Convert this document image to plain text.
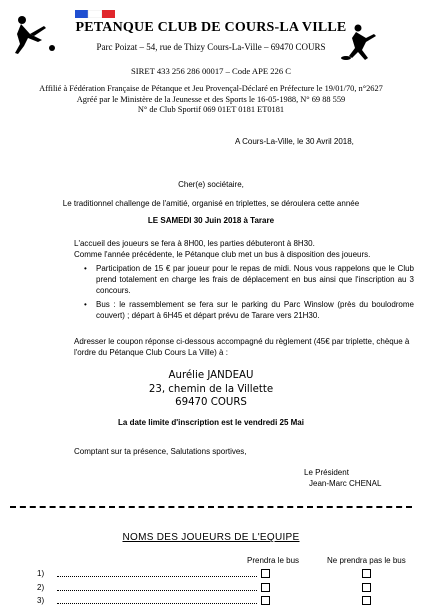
PETANQUE CLUB DE COURS-LA VILLE
Parc Poizat – 54, rue de Thizy Cours-La-Ville – 69470 COURS
SIRET 433 256 286 00017 – Code APE 226 C
Affilié à Fédération Française de Pétanque et Jeu Provençal-Déclaré en Préfecture le 19/01/70, n°2627
Agréé par le Ministère de la Jeunesse et des Sports le 16-05-1988, N° 69 88 559
N° de Club Sportif 069 01ET 0181 ET0181
A Cours-La-Ville, le 30 Avril 2018,
Cher(e) sociétaire,
Le traditionnel challenge de l'amitié, organisé en triplettes, se déroulera cette année
LE SAMEDI 30 Juin 2018 à Tarare
L'accueil des joueurs se fera à 8H00, les parties débuteront à 8H30.
Comme l'année précédente, le Pétanque club met un bus à disposition des joueurs.
• Participation de 15 € par joueur pour le repas de midi. Nous vous rappelons que le Club prend totalement en charge les frais de déplacement en bus ainsi que l'inscription au 3 concours.
• Bus : le rassemblement se fera sur le parking du Parc Winslow (près du boulodrome couvert) ; départ à 6H45 et départ prévu de Tarare vers 21H30.
Adresser le coupon réponse ci-dessous accompagné du règlement (45€ par triplette, chèque à l'ordre du Pétanque Club Cours La Ville) à :
Aurélie JANDEAU
23, chemin de la Villette
69470 COURS
La date limite d'inscription est le vendredi 25 Mai
Comptant sur ta présence, Salutations sportives,
Le Président
Jean-Marc CHENAL
NOMS DES JOUEURS DE L'EQUIPE
Prendra le bus	Ne prendra pas le bus
1)
2)
3)
